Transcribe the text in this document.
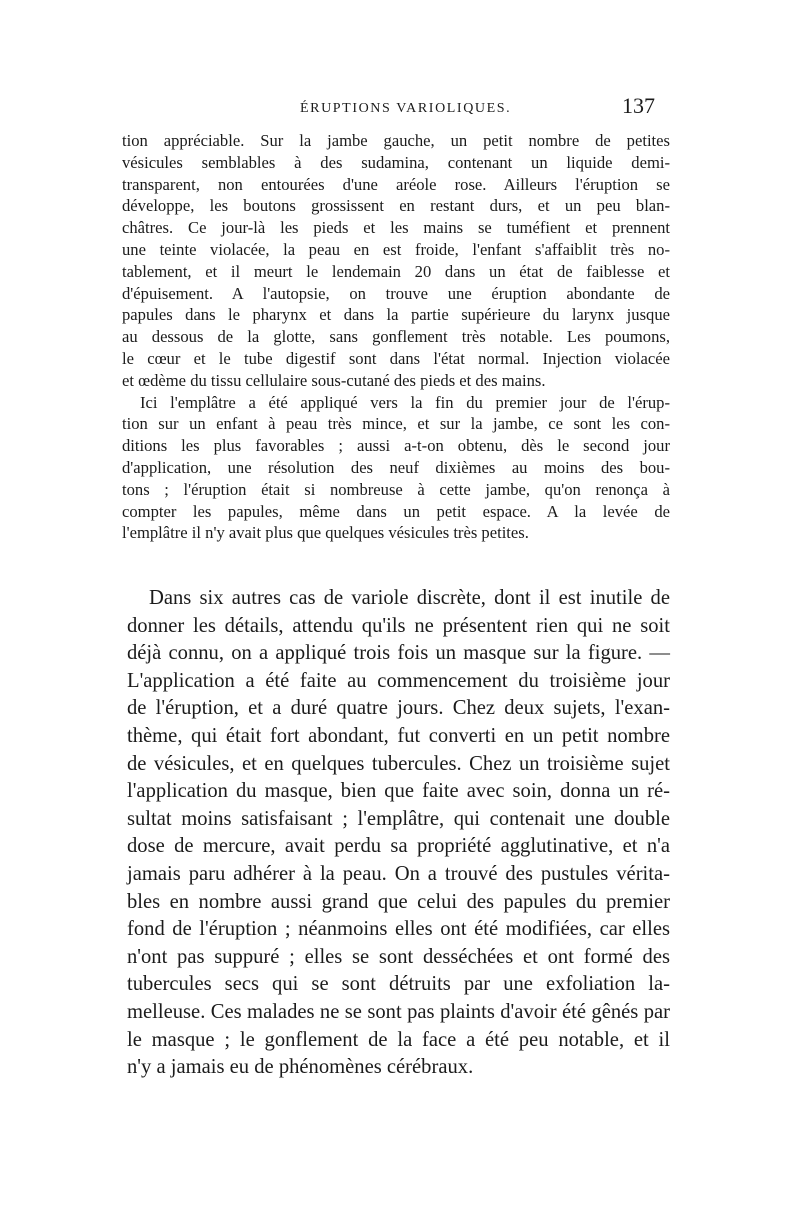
ÉRUPTIONS VARIOLIQUES.	137
tion appréciable. Sur la jambe gauche, un petit nombre de petites
vésicules semblables à des sudamina, contenant un liquide demi-
transparent, non entourées d'une aréole rose. Ailleurs l'éruption se
développe, les boutons grossissent en restant durs, et un peu blan-
châtres. Ce jour-là les pieds et les mains se tuméfient et prennent
une teinte violacée, la peau en est froide, l'enfant s'affaiblit très no-
tablement, et il meurt le lendemain 20 dans un état de faiblesse et
d'épuisement. A l'autopsie, on trouve une éruption abondante de
papules dans le pharynx et dans la partie supérieure du larynx jusque
au dessous de la glotte, sans gonflement très notable. Les poumons,
le cœur et le tube digestif sont dans l'état normal. Injection violacée
et œdème du tissu cellulaire sous-cutané des pieds et des mains.
Ici l'emplâtre a été appliqué vers la fin du premier jour de l'érup-
tion sur un enfant à peau très mince, et sur la jambe, ce sont les con-
ditions les plus favorables ; aussi a-t-on obtenu, dès le second jour
d'application, une résolution des neuf dixièmes au moins des bou-
tons ; l'éruption était si nombreuse à cette jambe, qu'on renonça à
compter les papules, même dans un petit espace. A la levée de
l'emplâtre il n'y avait plus que quelques vésicules très petites.
Dans six autres cas de variole discrète, dont il est inutile de
donner les détails, attendu qu'ils ne présentent rien qui ne soit
déjà connu, on a appliqué trois fois un masque sur la figure. —
L'application a été faite au commencement du troisième jour
de l'éruption, et a duré quatre jours. Chez deux sujets, l'exan-
thème, qui était fort abondant, fut converti en un petit nombre
de vésicules, et en quelques tubercules. Chez un troisième sujet
l'application du masque, bien que faite avec soin, donna un ré-
sultat moins satisfaisant ; l'emplâtre, qui contenait une double
dose de mercure, avait perdu sa propriété agglutinative, et n'a
jamais paru adhérer à la peau. On a trouvé des pustules vérita-
bles en nombre aussi grand que celui des papules du premier
fond de l'éruption ; néanmoins elles ont été modifiées, car elles
n'ont pas suppuré ; elles se sont desséchées et ont formé des
tubercules secs qui se sont détruits par une exfoliation la-
melleuse. Ces malades ne se sont pas plaints d'avoir été gênés par
le masque ; le gonflement de la face a été peu notable, et il
n'y a jamais eu de phénomènes cérébraux.
